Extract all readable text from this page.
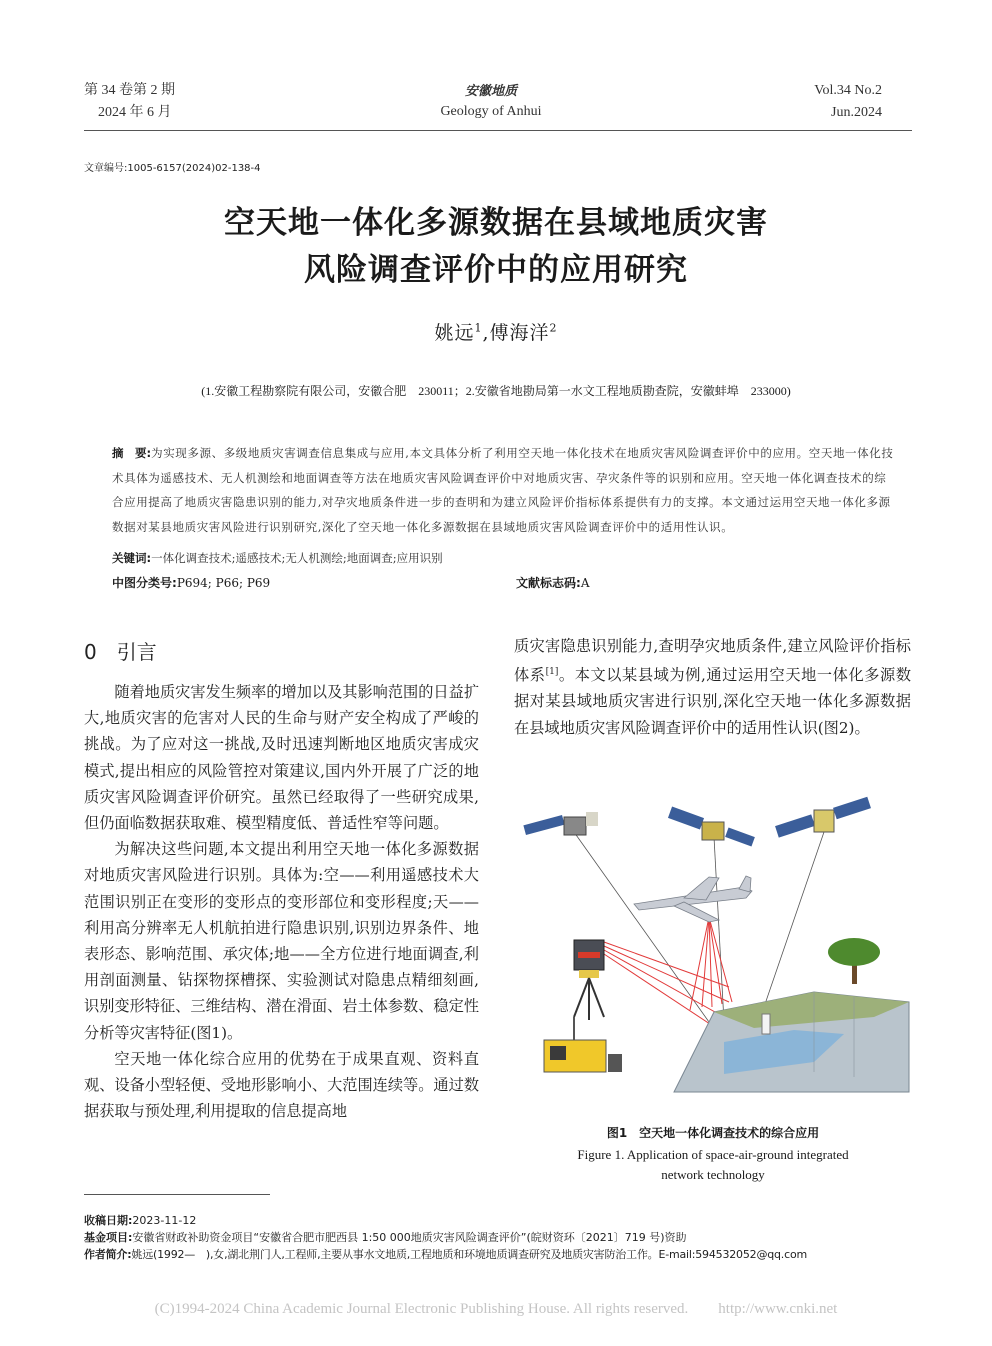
第 34 卷第 2 期
2024 年 6 月
安徽地质
Geology of Anhui
Vol.34 No.2
Jun.2024
文章编号:1005-6157(2024)02-138-4
空天地一体化多源数据在县域地质灾害
风险调查评价中的应用研究
姚远$^1$,傅海洋$^2$
(1.安徽工程勘察院有限公司，安徽合肥　230011；2.安徽省地勘局第一水文工程地质勘查院，安徽蚌埠　233000)
摘　要:为实现多源、多级地质灾害调查信息集成与应用,本文具体分析了利用空天地一体化技术在地质灾害风险调查评价中的应用。空天地一体化技术具体为遥感技术、无人机测绘和地面调查等方法在地质灾害风险调查评价中对地质灾害、孕灾条件等的识别和应用。空天地一体化调查技术的综合应用提高了地质灾害隐患识别的能力,对孕灾地质条件进一步的查明和为建立风险评价指标体系提供有力的支撑。本文通过运用空天地一体化多源数据对某县地质灾害风险进行识别研究,深化了空天地一体化多源数据在县域地质灾害风险调查评价中的适用性认识。
关键词:一体化调查技术;遥感技术;无人机测绘;地面调查;应用识别
中图分类号:P694; P66; P69	文献标志码:A
0　引言

随着地质灾害发生频率的增加以及其影响范围的日益扩大,地质灾害的危害对人民的生命与财产安全构成了严峻的挑战。为了应对这一挑战,及时迅速判断地区地质灾害成灾模式,提出相应的风险管控对策建议,国内外开展了广泛的地质灾害风险调查评价研究。虽然已经取得了一些研究成果,但仍面临数据获取难、模型精度低、普适性窄等问题。

为解决这些问题,本文提出利用空天地一体化多源数据对地质灾害风险进行识别。具体为:空——利用遥感技术大范围识别正在变形的变形点的变形部位和变形程度;天——利用高分辨率无人机航拍进行隐患识别,识别边界条件、地表形态、影响范围、承灾体;地——全方位进行地面调查,利用剖面测量、钻探物探槽探、实验测试对隐患点精细刻画,识别变形特征、三维结构、潜在滑面、岩土体参数、稳定性分析等灾害特征(图1)。

空天地一体化综合应用的优势在于成果直观、资料直观、设备小型轻便、受地形影响小、大范围连续等。通过数据获取与预处理,利用提取的信息提高地

质灾害隐患识别能力,查明孕灾地质条件,建立风险评价指标体系[1]。本文以某县域为例,通过运用空天地一体化多源数据对某县域地质灾害进行识别,深化空天地一体化多源数据在县域地质灾害风险调查评价中的适用性认识(图2)。

图1　空天地一体化调查技术的综合应用
Figure 1. Application of space-air-ground integrated
network technology
收稿日期:2023-11-12
基金项目:安徽省财政补助资金项目“安徽省合肥市肥西县 1:50 000地质灾害风险调查评价”(皖财资环〔2021〕719 号)资助
作者简介:姚远(1992—　),女,湖北荆门人,工程师,主要从事水文地质,工程地质和环境地质调查研究及地质灾害防治工作。E-mail:594532052@qq.com
(C)1994-2024 China Academic Journal Electronic Publishing House. All rights reserved.　　http://www.cnki.net
